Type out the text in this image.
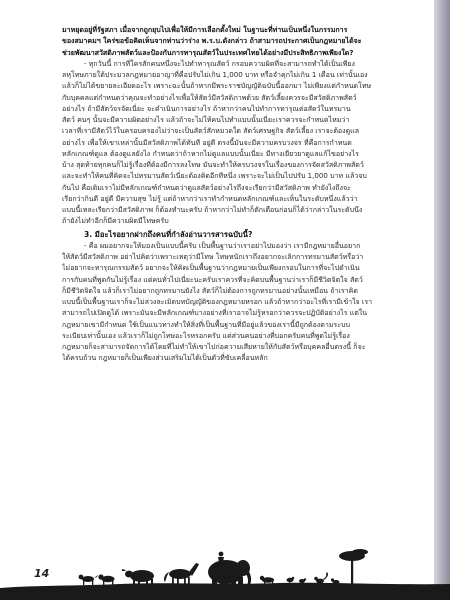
มาหยุดอยู่ที่รัฐสภา เมื่อจากถูกยุบไปเพื่อให้มีการเลือกตั้งใหม่ ในฐานะที่ท่านเป็นหนึ่งในกรรมการ
ของสมาคมฯ ใคร่ขอข้อคิดเห็นจากท่านว่าร่าง พ.ร.บ.ดังกล่าว ถ้าสามารถประกาศเป็นกฎหมายได้จะ
ช่วยพัฒนาสวัสดิภาพสัตว์และป้องกันการทารุณสัตว์ในประเทศไทยได้อย่างมีประสิทธิภาพเพียงใด?
- ทุกวันนี้ การที่ใครสักคนหนึ่งจะไปทำทารุณสัตว์ กรอบความผิดที่จะสามารถทำได้เป็นเพียง
ลหุโทษภายใต้ประมวลกฎหมายอาญาที่คือปรับไม่เกิน 1,000 บาท หรือจำคุกไม่เกิน 1 เดือน เท่านั้นเอง
แล้วก็ไม่ได้ขยายละเอียดอะไร เพราะฉะนั้นถ้าหากมีพระราชบัญญัติฉบับนี้ออกมา ไม่เพียงแต่กำหนดโทษ
กับบุคคลแต่กำหนดว่าคุณจะทำอย่างไรเพื่อให้สัตว์มีสวัสดิภาพด้วย สัตว์เลี้ยงควรจะมีสวัสดิภาพสัตว์
อย่างไร ถ้ามีสัตว์จรจัดเนี่ยะ จะดำเนินการอย่างไร ถ้าหากว่าคนไปทำการทารุณต่อสัตว์ในทรมาน
สัตว์ คนๆ นั้นจะมีความผิดอย่างไร แล้วถ้าจะไม่ให้คนไปทำแบบนั้นเนี่ยะเราควรจะกำหนดไหมว่า
เวลาที่เรามีสัตว์ไว้ในครอบครองไม่ว่าจะเป็นสัตว์สักหมวดใด สัตว์เศรษฐกิจ สัตว์เลี้ยง เราจะต้องดูแล
อย่างไร เพื่อให้เขาเหล่านั้นมีสวัสดิภาพได้ทันที อยู่ดี ตรงนี้มันจะมีความครบวงจร ที่คือการกำหนด
หลักเกณฑ์ดูแล ต้องดูแลยังไง กำหนดว่าถ้าหากไม่ดูแลแบบนั้นเนี่ยะ มีทางเยียวยาดูแลแก้ไขอย่างไร
บ้าง สุดท้ายทุกคนก็ไม่รู้เรื่องที่ต้องมีการลงโทษ มันจะทำให้ครบวงจรในเรื่องของการจัดสวัสดิภาพสัตว์
และจะทำให้คนที่คิดจะไปทรมานสัตว์เนี่ยะต้องคิดอีกทีหนึ่ง เพราะจะไม่เป็นไปปรับ 1,000 บาท แล้วจบ
กันไป คือเดิมเราไม่มีหลักเกณฑ์กำหนดว่าดูแลสัตว์อย่างไรถึงจะเรียกว่ามีสวัสดิภาพ ทำยังไงถึงจะ
เรียกว่ากินดี อยู่ดี มีความสุข ไม่รู้ แต่ถ้าหากว่าเราทำกำหนดหลักเกณฑ์และเห็นในระดับหนึ่งแล้วว่า
แบบนี้เหละเรียกว่ามีสวัสดิภาพ ก็ต้องทำนะครับ ถ้าหากว่าไม่ทำก็ตักเตือนก่อนก็ได้ว่ากล่าวในระดับนึง
ถ้ายังไม่ทำอีกก็มีความผิดมีโทษครับ
3. มีอะไรอยากฝากถึงคนที่กำลังอ่านวารสารฉบับนี้?
- คือ ผมอยากจะให้มองเป็นแบบนี้ครับ เป็นพื้นฐานว่าเราอย่าไปมองว่า เรามีกฎหมายอื่นอยาก
ให้สัตว์มีสวัสดิภาพ อย่าไปคิดว่าเพราะเหตุว่ามีโทษ โทษหนักเราถึงอยากจะเลิกการทรมานสัตว์หรือว่า
ไม่อยากจะทารุณกรรมสัตว์ อยากจะให้คิดเป็นพื้นฐานว่ากฎหมายเป็นเพียงกรอบในการที่จะไปดำเนิน
การกับคนที่พูดกันไม่รู้เรื่อง แต่คนทั่วไปเนี่ยะนะครับเราควรที่จะคิดบนพื้นฐานว่าเราก็มีชีวิตจิตใจ สัตว์
ก็มีชีวิตจิตใจ แล้วก็เราไม่อยากถูกทรมานยังไง สัตว์ก็ไม่ต้องการถูกทรมานอย่างนั้นเหมือน ถ้าเราคิด
แบบนี้เป็นพื้นฐานเราก็จะไม่ล่วงละเมิดบทบัญญัติของกฎหมายหรอก แล้วถ้าหากว่าอะไรที่เรามีเข้าใจ เรา
สามารถไปเปิดดูได้ เพราะมันจะมีหลักเกณฑ์บางอย่างที่เราอาจไม่รู้หรอกว่าควรจะปฏิบัติอย่างไร แต่ใน
กฎหมายเขามีกำหนด ใช้เป็นแนวทางทำให้สิ่งที่เป็นพื้นฐานที่มีอยู่แล้วของเรานี้มีถูกต้องตามระบบ
ระเบียบเท่านั้นเอง แล้วเราก็ไม่ถูกโทษอะไรหรอกครับ แต่ส่วนคนอย่างที่บอกครับคนที่พูดไม่รู้เรื่อง
กฎหมายก็จะสามารถจัดการได้โดยที่ไม่ทำให้เขาไปก่อความเสียหายให้กับสัตว์หรือบุคคลอื่นตรงนี้ ก็จะ
ได้ครบถ้วน กฎหมายก็เป็นเพียงส่วนเสริมไม่ได้เป็นตัวที่ขับเคลื่อนหลัก
14
